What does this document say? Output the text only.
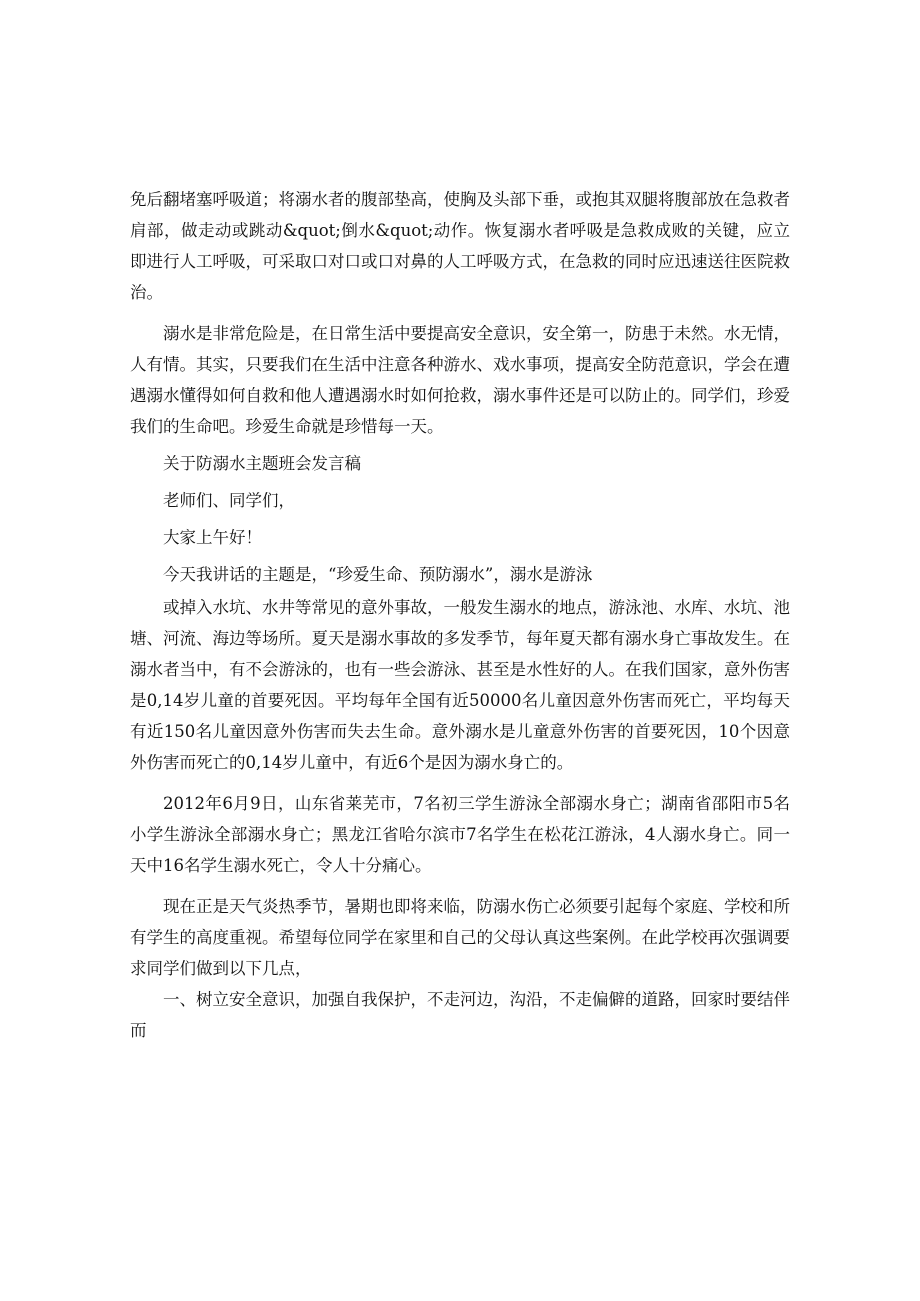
免后翻堵塞呼吸道；将溺水者的腹部垫高，使胸及头部下垂，或抱其双腿将腹部放在急救者肩部，做走动或跳动&quot;倒水&quot;动作。恢复溺水者呼吸是急救成败的关键，应立即进行人工呼吸，可采取口对口或口对鼻的人工呼吸方式，在急救的同时应迅速送往医院救治。

溺水是非常危险是，在日常生活中要提高安全意识，安全第一，防患于未然。水无情，人有情。其实，只要我们在生活中注意各种游水、戏水事项，提高安全防范意识，学会在遭遇溺水懂得如何自救和他人遭遇溺水时如何抢救，溺水事件还是可以防止的。同学们，珍爱我们的生命吧。珍爱生命就是珍惜每一天。

关于防溺水主题班会发言稿

老师们、同学们，

大家上午好！

今天我讲话的主题是，“珍爱生命、预防溺水”，溺水是游泳

或掉入水坑、水井等常见的意外事故，一般发生溺水的地点，游泳池、水库、水坑、池塘、河流、海边等场所。夏天是溺水事故的多发季节，每年夏天都有溺水身亡事故发生。在溺水者当中，有不会游泳的，也有一些会游泳、甚至是水性好的人。在我们国家，意外伤害是0,14岁儿童的首要死因。平均每年全国有近50000名儿童因意外伤害而死亡，平均每天有近150名儿童因意外伤害而失去生命。意外溺水是儿童意外伤害的首要死因，10个因意外伤害而死亡的0,14岁儿童中，有近6个是因为溺水身亡的。

2012年6月9日，山东省莱芜市，7名初三学生游泳全部溺水身亡；湖南省邵阳市5名小学生游泳全部溺水身亡；黑龙江省哈尔滨市7名学生在松花江游泳，4人溺水身亡。同一天中16名学生溺水死亡，令人十分痛心。

现在正是天气炎热季节，暑期也即将来临，防溺水伤亡必须要引起每个家庭、学校和所有学生的高度重视。希望每位同学在家里和自己的父母认真这些案例。在此学校再次强调要求同学们做到以下几点，

一、树立安全意识，加强自我保护，不走河边，沟沿，不走偏僻的道路，回家时要结伴而
